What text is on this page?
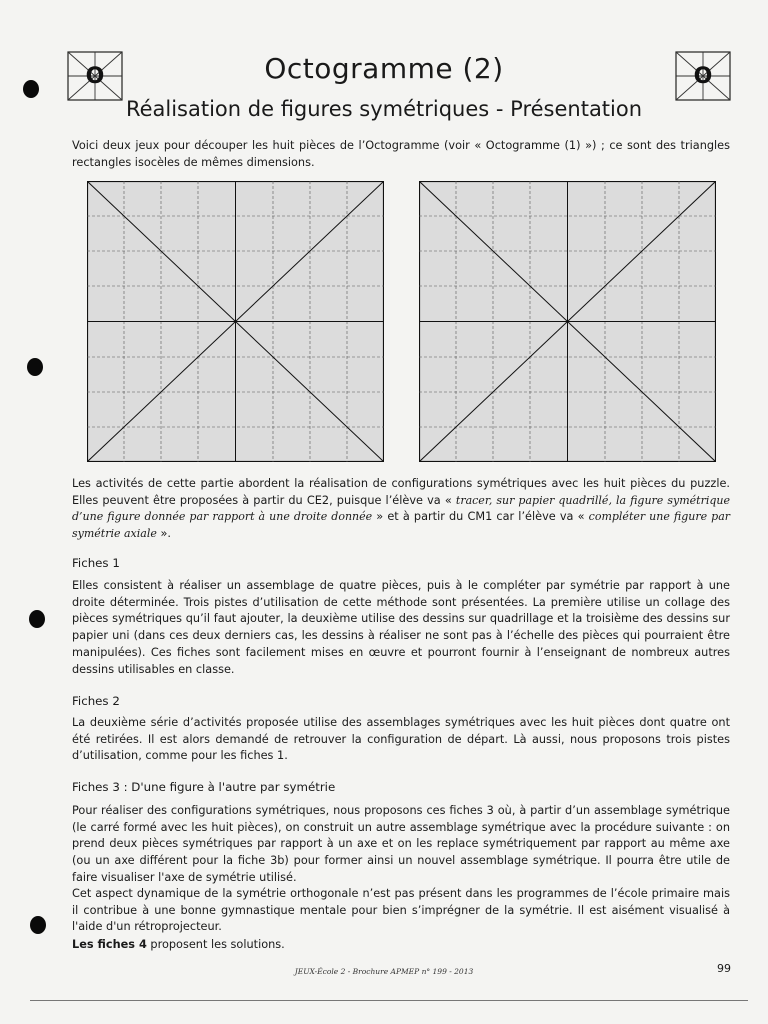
O	O
Octogramme (2)
Réalisation de figures symétriques - Présentation

Voici deux jeux pour découper les huit pièces de l’Octogramme (voir « Octogramme (1) ») ; ce sont des triangles rectangles isocèles de mêmes dimensions.

Les activités de cette partie abordent la réalisation de configurations symétriques avec les huit pièces du puzzle. Elles peuvent être proposées à partir du CE2, puisque l’élève va « tracer, sur papier quadrillé, la figure symétrique d’une figure donnée par rapport à une droite donnée » et à partir du CM1 car l’élève va « compléter une figure par symétrie axiale ».

Fiches 1

Elles consistent à réaliser un assemblage de quatre pièces, puis à le compléter par symétrie par rapport à une droite déterminée. Trois pistes d’utilisation de cette méthode sont présentées. La première utilise un collage des pièces symétriques qu’il faut ajouter, la deuxième utilise des dessins sur quadrillage et la troisième des dessins sur papier uni (dans ces deux derniers cas, les dessins à réaliser ne sont pas à l’échelle des pièces qui pourraient être manipulées). Ces fiches sont facilement mises en œuvre et pourront fournir à l’enseignant de nombreux autres dessins utilisables en classe.

Fiches 2

La deuxième série d’activités proposée utilise des assemblages symétriques avec les huit pièces dont quatre ont été retirées. Il est alors demandé de retrouver la configuration de départ. Là aussi, nous proposons trois pistes d’utilisation, comme pour les fiches 1.

Fiches 3 : D'une figure à l'autre par symétrie

Pour réaliser des configurations symétriques, nous proposons ces fiches 3 où, à partir d’un assemblage symétrique (le carré formé avec les huit pièces), on construit un autre assemblage symétrique avec la procédure suivante : on prend deux pièces symétriques par rapport à un axe et on les replace symétriquement par rapport au même axe (ou un axe différent pour la fiche 3b) pour former ainsi un nouvel assemblage symétrique. Il pourra être utile de faire visualiser l'axe de symétrie utilisé.

Cet aspect dynamique de la symétrie orthogonale n’est pas présent dans les programmes de l’école primaire mais il contribue à une bonne gymnastique mentale pour bien s’imprégner de la symétrie. Il est aisément visualisé à l'aide d'un rétroprojecteur.

Les fiches 4 proposent les solutions.

JEUX-École 2 - Brochure APMEP n° 199 - 2013	99
